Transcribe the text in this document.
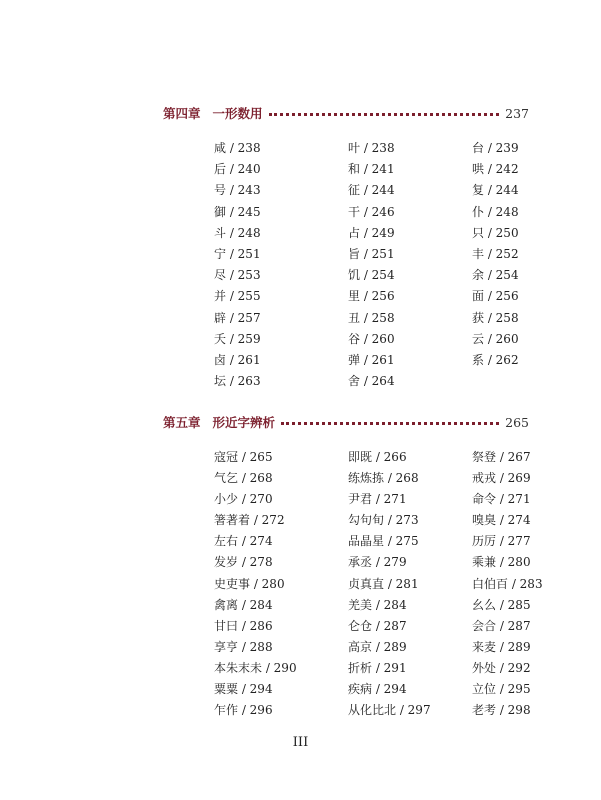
第四章 一形数用	237
咸 / 238	叶 / 238	台 / 239
后 / 240	和 / 241	哄 / 242
号 / 243	征 / 244	复 / 244
御 / 245	干 / 246	仆 / 248
斗 / 248	占 / 249	只 / 250
宁 / 251	旨 / 251	丰 / 252
尽 / 253	饥 / 254	余 / 254
并 / 255	里 / 256	面 / 256
辟 / 257	丑 / 258	获 / 258
夭 / 259	谷 / 260	云 / 260
卤 / 261	弹 / 261	系 / 262
坛 / 263	舍 / 264
第五章 形近字辨析	265
寇冠 / 265	即既 / 266	祭登 / 267
气乞 / 268	练炼拣 / 268	戒戎 / 269
小少 / 270	尹君 / 271	命令 / 271
箸著着 / 272	勾句旬 / 273	嗅臭 / 274
左右 / 274	品晶星 / 275	历厉 / 277
发岁 / 278	承丞 / 279	乘兼 / 280
史吏事 / 280	贞真直 / 281	白伯百 / 283
禽离 / 284	羌美 / 284	幺么 / 285
甘曰 / 286	仑仓 / 287	会合 / 287
享亨 / 288	高京 / 289	来麦 / 289
本朱末未 / 290	折析 / 291	外处 / 292
粟粟 / 294	疾病 / 294	立位 / 295
乍作 / 296	从化比北 / 297	老考 / 298
III
